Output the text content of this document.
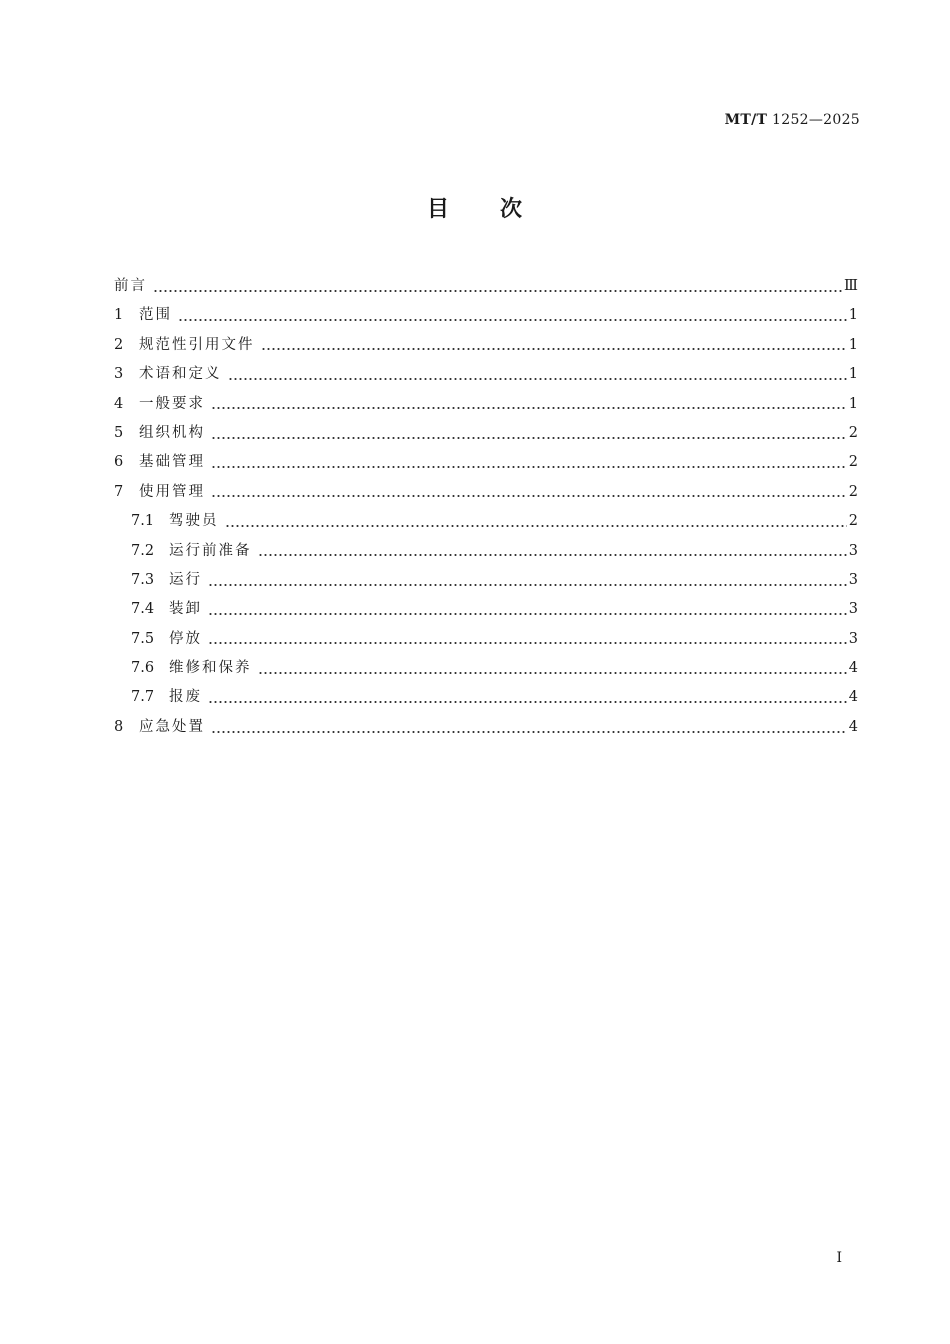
MT/T 1252—2025
目 次
前言	Ⅲ
1	范围	1
2	规范性引用文件	1
3	术语和定义	1
4	一般要求	1
5	组织机构	2
6	基础管理	2
7	使用管理	2
7.1	驾驶员	2
7.2	运行前准备	3
7.3	运行	3
7.4	装卸	3
7.5	停放	3
7.6	维修和保养	4
7.7	报废	4
8	应急处置	4
I
